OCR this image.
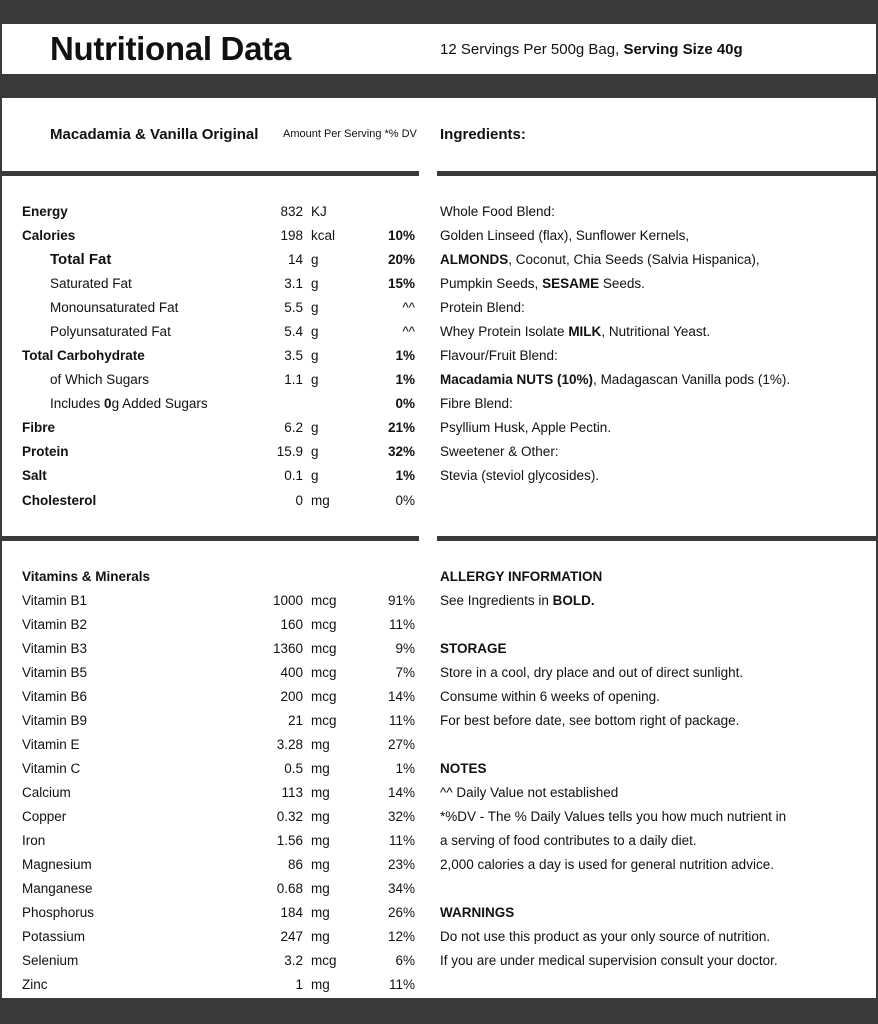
Nutritional Data	12 Servings Per 500g Bag, Serving Size 40g
Macadamia & Vanilla Original Amount Per Serving *% DV Ingredients:
Energy	832 KJ
Calories	198 kcal	10%
Total Fat	14 g	20%
Saturated Fat	3.1 g	15%
Monounsaturated Fat	5.5 g	^^
Polyunsaturated Fat	5.4 g	^^
Total Carbohydrate	3.5 g	1%
of Which Sugars	1.1 g	1%
Includes 0g Added Sugars	0%
Fibre	6.2 g	21%
Protein	15.9 g	32%
Salt	0.1 g	1%
Cholesterol	0 mg	0%
Whole Food Blend:
Golden Linseed (flax), Sunflower Kernels,
ALMONDS, Coconut, Chia Seeds (Salvia Hispanica),
Pumpkin Seeds, SESAME Seeds.
Protein Blend:
Whey Protein Isolate MILK, Nutritional Yeast.
Flavour/Fruit Blend:
Macadamia NUTS (10%), Madagascan Vanilla pods (1%).
Fibre Blend:
Psyllium Husk, Apple Pectin.
Sweetener & Other:
Stevia (steviol glycosides).
Vitamins & Minerals
Vitamin B1	1000 mcg	91%
Vitamin B2	160 mcg	11%
Vitamin B3	1360 mcg	9%
Vitamin B5	400 mcg	7%
Vitamin B6	200 mcg	14%
Vitamin B9	21 mcg	11%
Vitamin E	3.28 mg	27%
Vitamin C	0.5 mg	1%
Calcium	113 mg	14%
Copper	0.32 mg	32%
Iron	1.56 mg	11%
Magnesium	86 mg	23%
Manganese	0.68 mg	34%
Phosphorus	184 mg	26%
Potassium	247 mg	12%
Selenium	3.2 mcg	6%
Zinc	1 mg	11%
ALLERGY INFORMATION
See Ingredients in BOLD.
STORAGE
Store in a cool, dry place and out of direct sunlight.
Consume within 6 weeks of opening.
For best before date, see bottom right of package.
NOTES
^^ Daily Value not established
*%DV - The % Daily Values tells you how much nutrient in
a serving of food contributes to a daily diet.
2,000 calories a day is used for general nutrition advice.
WARNINGS
Do not use this product as your only source of nutrition.
If you are under medical supervision consult your doctor.
